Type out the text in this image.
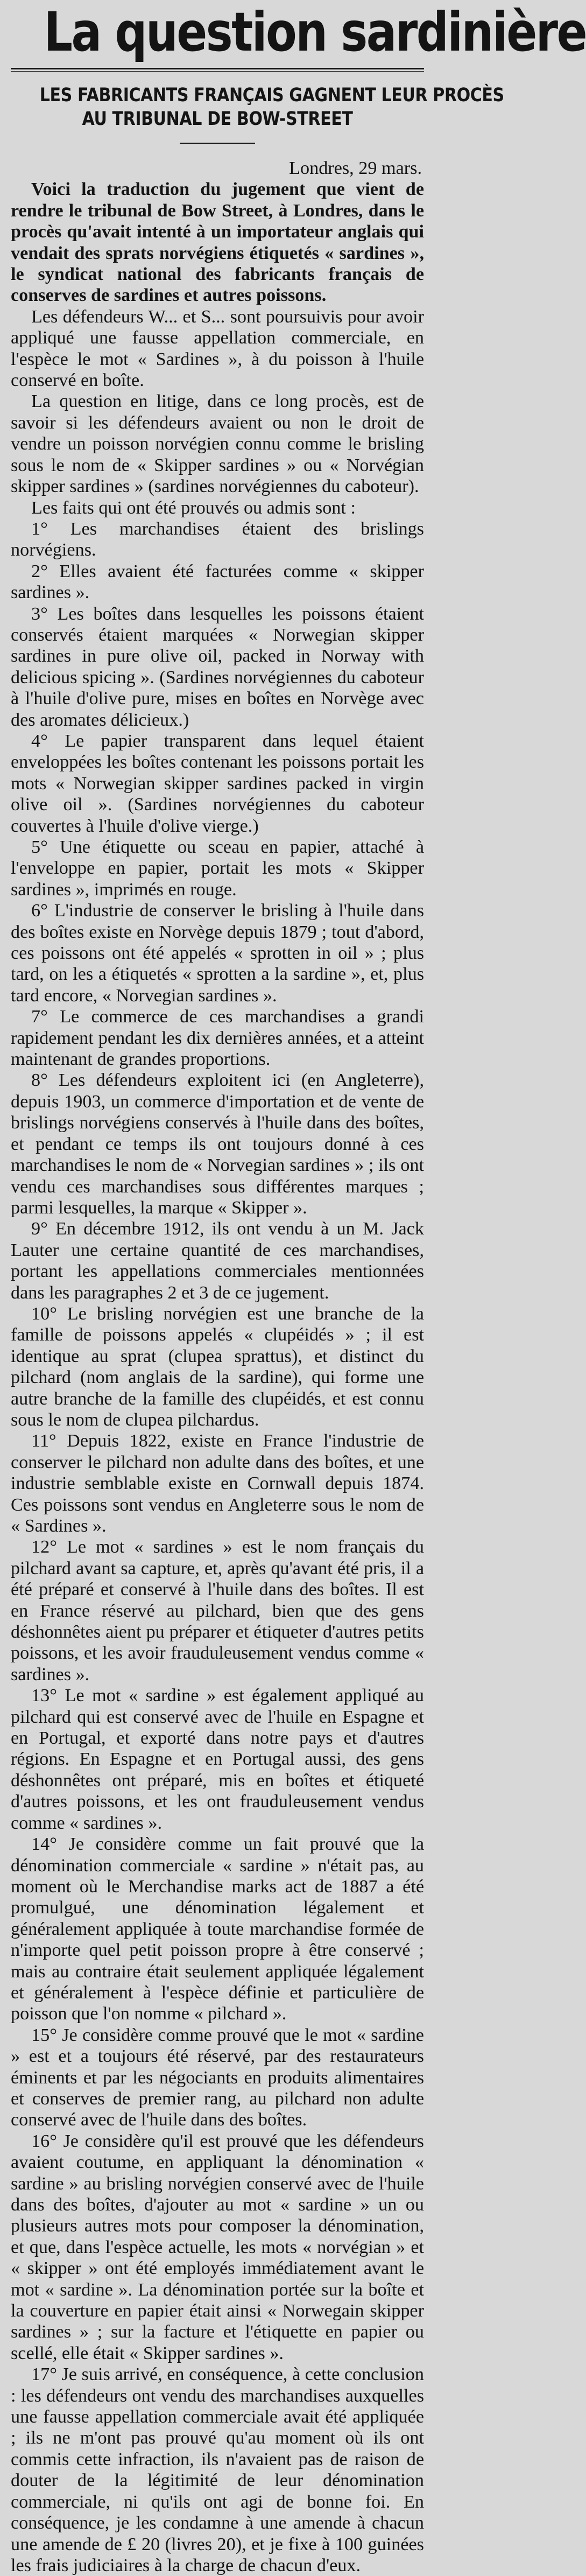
La question sardinière
LES FABRICANTS FRANÇAIS GAGNENT LEUR PROCÈS
AU TRIBUNAL DE BOW-STREET

Londres, 29 mars.

Voici la traduction du jugement que vient de rendre le tribunal de Bow Street, à Londres, dans le procès qu'avait intenté à un importateur anglais qui vendait des sprats norvégiens étiquetés « sardines », le syndicat national des fabricants français de conserves de sardines et autres poissons.

Les défendeurs W... et S... sont poursuivis pour avoir appliqué une fausse appellation commerciale, en l'espèce le mot « Sardines », à du poisson à l'huile conservé en boîte.

La question en litige, dans ce long procès, est de savoir si les défendeurs avaient ou non le droit de vendre un poisson norvégien connu comme le brisling sous le nom de « Skipper sardines » ou « Norvégian skipper sardines » (sardines norvégiennes du caboteur).

Les faits qui ont été prouvés ou admis sont :

1° Les marchandises étaient des brislings norvégiens.

2° Elles avaient été facturées comme « skipper sardines ».

3° Les boîtes dans lesquelles les poissons étaient conservés étaient marquées « Norwegian skipper sardines in pure olive oil, packed in Norway with delicious spicing ». (Sardines norvégiennes du caboteur à l'huile d'olive pure, mises en boîtes en Norvège avec des aromates délicieux.)

4° Le papier transparent dans lequel étaient enveloppées les boîtes contenant les poissons portait les mots « Norwegian skipper sardines packed in virgin olive oil ». (Sardines norvégiennes du caboteur couvertes à l'huile d'olive vierge.)

5° Une étiquette ou sceau en papier, attaché à l'enveloppe en papier, portait les mots « Skipper sardines », imprimés en rouge.

6° L'industrie de conserver le brisling à l'huile dans des boîtes existe en Norvège depuis 1879 ; tout d'abord, ces poissons ont été appelés « sprotten in oil » ; plus tard, on les a étiquetés « sprotten a la sardine », et, plus tard encore, « Norvegian sardines ».

7° Le commerce de ces marchandises a grandi rapidement pendant les dix dernières années, et a atteint maintenant de grandes proportions.

8° Les défendeurs exploitent ici (en Angleterre), depuis 1903, un commerce d'importation et de vente de brislings norvégiens conservés à l'huile dans des boîtes, et pendant ce temps ils ont toujours donné à ces marchandises le nom de « Norvegian sardines » ; ils ont vendu ces marchandises sous différentes marques ; parmi lesquelles, la marque « Skipper ».

9° En décembre 1912, ils ont vendu à un M. Jack Lauter une certaine quantité de ces marchandises, portant les appellations commerciales mentionnées dans les paragraphes 2 et 3 de ce jugement.

10° Le brisling norvégien est une branche de la famille de poissons appelés « clupéidés » ; il est identique au sprat (clupea sprattus), et distinct du pilchard (nom anglais de la sardine), qui forme une autre branche de la famille des clupéidés, et est connu sous le nom de clupea pilchardus.

11° Depuis 1822, existe en France l'industrie de conserver le pilchard non adulte dans des boîtes, et une industrie semblable existe en Cornwall depuis 1874. Ces poissons sont vendus en Angleterre sous le nom de « Sardines ».

12° Le mot « sardines » est le nom français du pilchard avant sa capture, et, après qu'avant été pris, il a été préparé et conservé à l'huile dans des boîtes. Il est en France réservé au pilchard, bien que des gens déshonnêtes aient pu préparer et étiqueter d'autres petits poissons, et les avoir frauduleusement vendus comme « sardines ».

13° Le mot « sardine » est également appliqué au pilchard qui est conservé avec de l'huile en Espagne et en Portugal, et exporté dans notre pays et d'autres régions. En Espagne et en Portugal aussi, des gens déshonnêtes ont préparé, mis en boîtes et étiqueté d'autres poissons, et les ont frauduleusement vendus comme « sardines ».

14° Je considère comme un fait prouvé que la dénomination commerciale « sardine » n'était pas, au moment où le Merchandise marks act de 1887 a été promulgué, une dénomination légalement et généralement appliquée à toute marchandise formée de n'importe quel petit poisson propre à être conservé ; mais au contraire était seulement appliquée légalement et généralement à l'espèce définie et particulière de poisson que l'on nomme « pilchard ».

15° Je considère comme prouvé que le mot « sardine » est et a toujours été réservé, par des restaurateurs éminents et par les négociants en produits alimentaires et conserves de premier rang, au pilchard non adulte conservé avec de l'huile dans des boîtes.

16° Je considère qu'il est prouvé que les défendeurs avaient coutume, en appliquant la dénomination « sardine » au brisling norvégien conservé avec de l'huile dans des boîtes, d'ajouter au mot « sardine » un ou plusieurs autres mots pour composer la dénomination, et que, dans l'espèce actuelle, les mots « norvégian » et « skipper » ont été employés immédiatement avant le mot « sardine ». La dénomination portée sur la boîte et la couverture en papier était ainsi « Norwegain skipper sardines » ; sur la facture et l'étiquette en papier ou scellé, elle était « Skipper sardines ».

17° Je suis arrivé, en conséquence, à cette conclusion : les défendeurs ont vendu des marchandises auxquelles une fausse appellation commerciale avait été appliquée ; ils ne m'ont pas prouvé qu'au moment où ils ont commis cette infraction, ils n'avaient pas de raison de douter de la légitimité de leur dénomination commerciale, ni qu'ils ont agi de bonne foi. En conséquence, je les condamne à une amende à chacun une amende de £ 20 (livres 20), et je fixe à 100 guinées les frais judiciaires à la charge de chacun d'eux.
